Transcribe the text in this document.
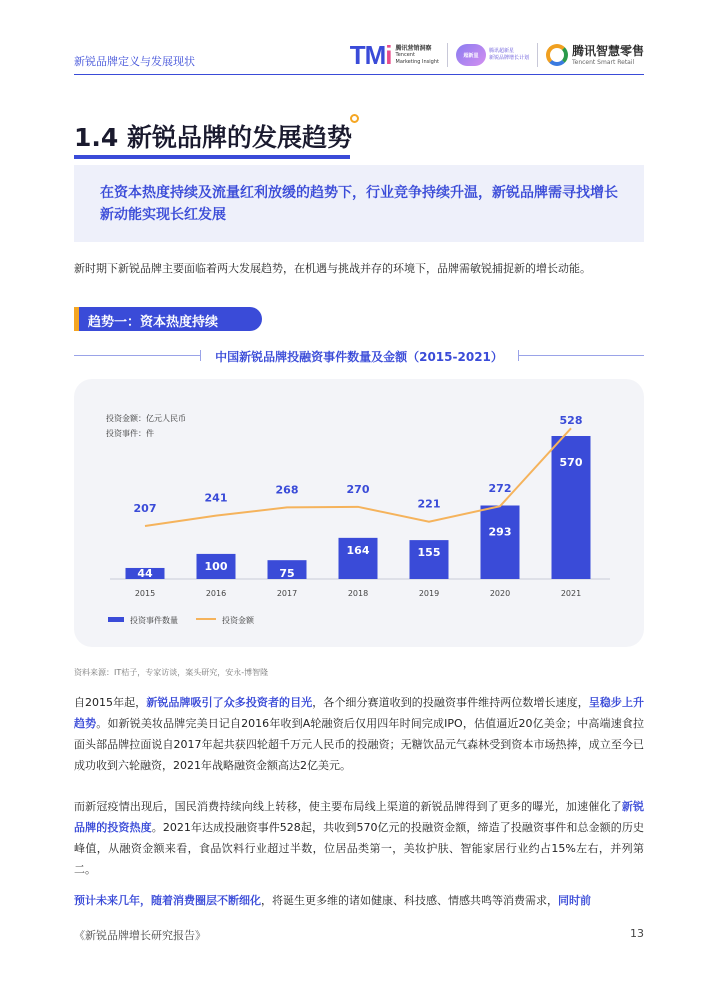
新锐品牌定义与发展现状	TMi 腾讯营销洞察
Tencent
Marketing Insight
超新星
腾讯超新星
新锐品牌增长计划	腾讯智慧零售
Tencent Smart Retail
1.4 新锐品牌的发展趋势
在资本热度持续及流量红利放缓的趋势下，行业竞争持续升温，新锐品牌需寻找增长新动能实现长红发展
新时期下新锐品牌主要面临着两大发展趋势，在机遇与挑战并存的环境下，品牌需敏锐捕捉新的增长动能。
趋势一：资本热度持续
中国新锐品牌投融资事件数量及金额（2015-2021）
投资金额：亿元人民币
投资事件：件
44
2015
100
2016
75
2017
164
2018
155
2019
293
2020
570
2021
207
241
268	270
221
272
528
投资事件数量	投资金额
资料来源：IT桔子，专家访谈，案头研究，安永-博智隆
自2015年起，新锐品牌吸引了众多投资者的目光，各个细分赛道收到的投融资事件维持两位数增长速度，呈稳步上升趋势。如新锐美妆品牌完美日记自2016年收到A轮融资后仅用四年时间完成IPO，估值逼近20亿美金；中高端速食拉面头部品牌拉面说自2017年起共获四轮超千万元人民币的投融资；无糖饮品元气森林受到资本市场热捧，成立至今已成功收到六轮融资，2021年战略融资金额高达2亿美元。
而新冠疫情出现后，国民消费持续向线上转移，使主要布局线上渠道的新锐品牌得到了更多的曝光，加速催化了新锐品牌的投资热度。2021年达成投融资事件528起，共收到570亿元的投融资金额，缔造了投融资事件和总金额的历史峰值，从融资金额来看，食品饮料行业超过半数，位居品类第一，美妆护肤、智能家居行业约占15%左右，并列第二。
预计未来几年，随着消费圈层不断细化，将诞生更多维的诸如健康、科技感、情感共鸣等消费需求，同时前
《新锐品牌增长研究报告》	13
